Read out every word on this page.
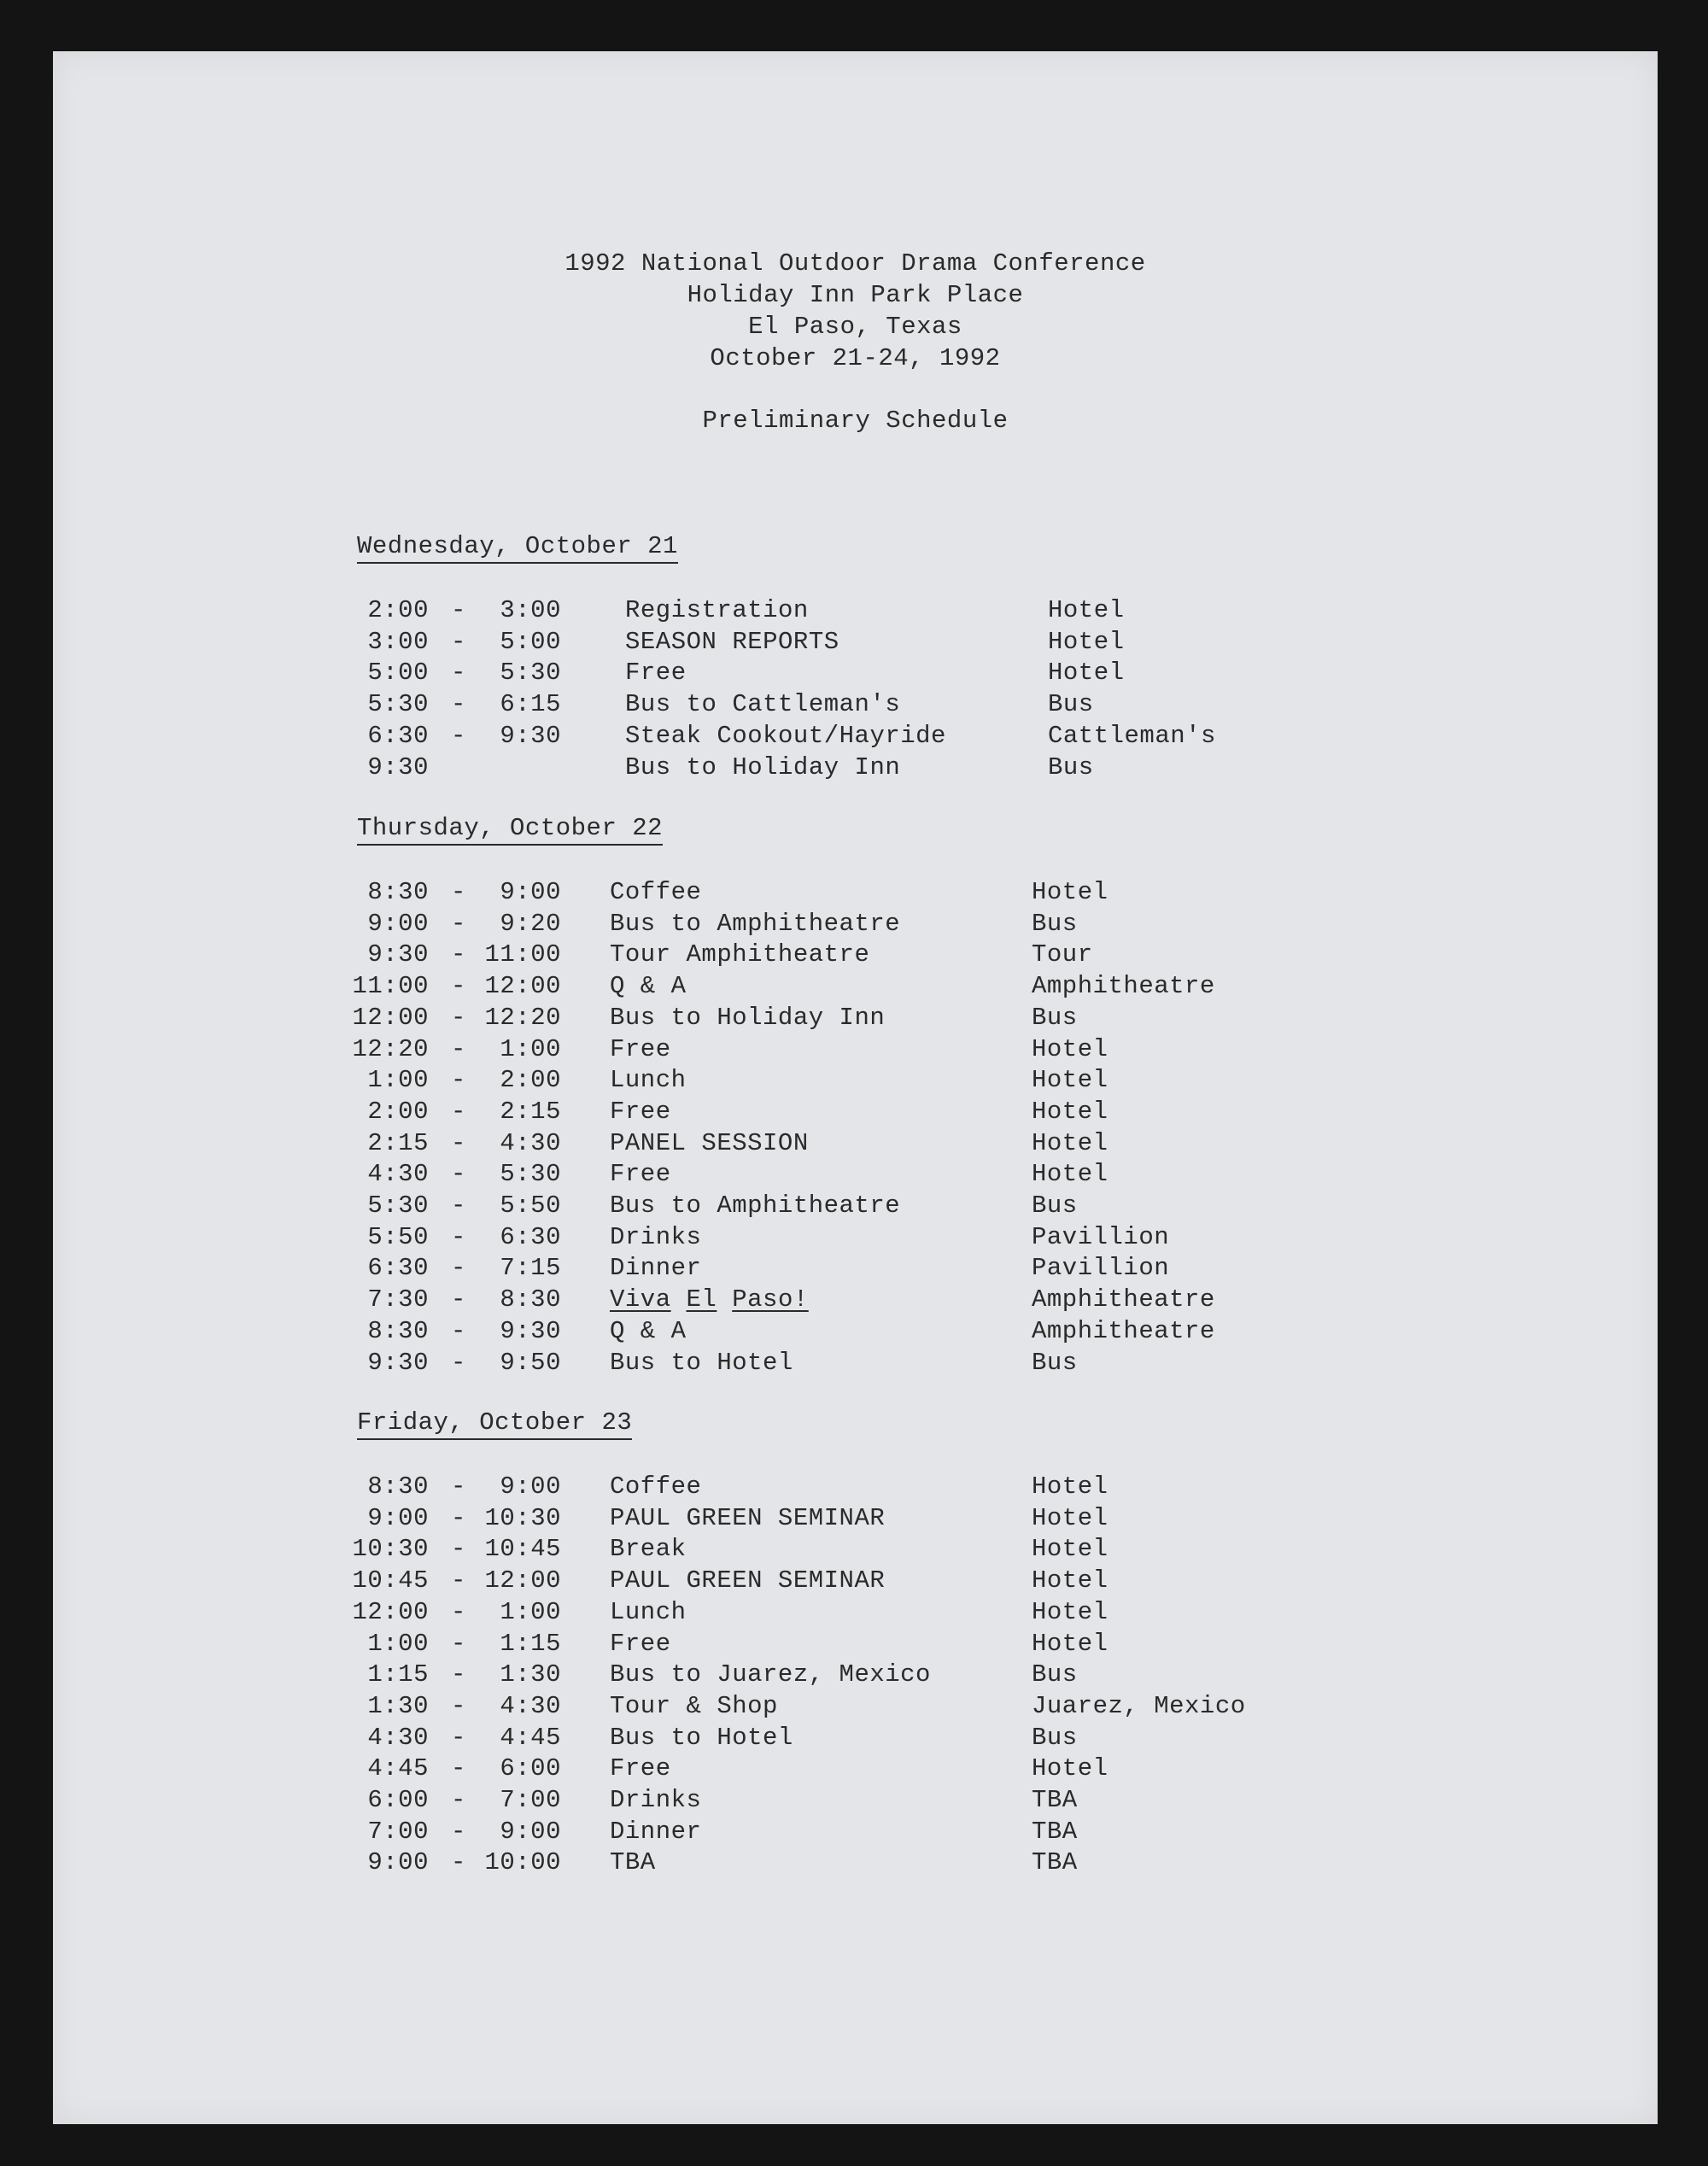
1992 National Outdoor Drama Conference
Holiday Inn Park Place
El Paso, Texas
October 21-24, 1992
Preliminary Schedule
Wednesday, October 21
2:00 - 3:00	Registration	Hotel
3:00 - 5:00	SEASON REPORTS	Hotel
5:00 - 5:30	Free	Hotel
5:30 - 6:15	Bus to Cattleman's	Bus
6:30 - 9:30	Steak Cookout/Hayride	Cattleman's
9:30	Bus to Holiday Inn	Bus
Thursday, October 22
8:30 - 9:00 Coffee	Hotel
9:00 - 9:20 Bus to Amphitheatre	Bus
9:30 - 11:00 Tour Amphitheatre	Tour
11:00 - 12:00 Q & A	Amphitheatre
12:00 - 12:20 Bus to Holiday Inn	Bus
12:20 - 1:00 Free	Hotel
1:00 - 2:00 Lunch	Hotel
2:00 - 2:15 Free	Hotel
2:15 - 4:30 PANEL SESSION	Hotel
4:30 - 5:30 Free	Hotel
5:30 - 5:50 Bus to Amphitheatre	Bus
5:50 - 6:30 Drinks	Pavillion
6:30 - 7:15 Dinner	Pavillion
7:30 - 8:30 Viva El Paso!	Amphitheatre
8:30 - 9:30 Q & A	Amphitheatre
9:30 - 9:50 Bus to Hotel	Bus
Friday, October 23
8:30 - 9:00 Coffee	Hotel
9:00 - 10:30 PAUL GREEN SEMINAR	Hotel
10:30 - 10:45 Break	Hotel
10:45 - 12:00 PAUL GREEN SEMINAR	Hotel
12:00 - 1:00 Lunch	Hotel
1:00 - 1:15 Free	Hotel
1:15 - 1:30 Bus to Juarez, Mexico	Bus
1:30 - 4:30 Tour & Shop	Juarez, Mexico
4:30 - 4:45 Bus to Hotel	Bus
4:45 - 6:00 Free	Hotel
6:00 - 7:00 Drinks	TBA
7:00 - 9:00 Dinner	TBA
9:00 - 10:00 TBA	TBA
